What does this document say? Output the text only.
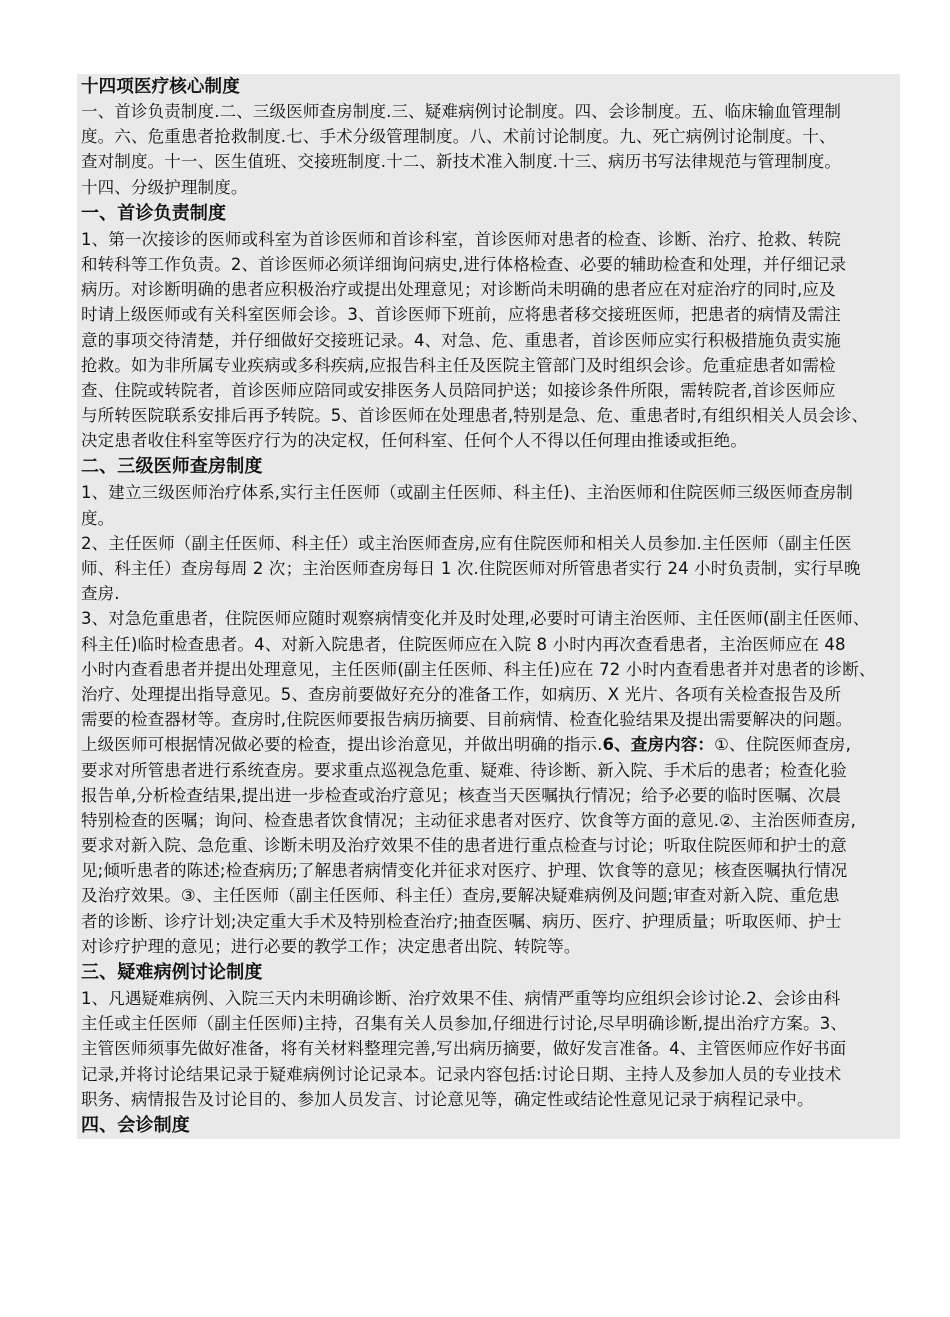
十四项医疗核心制度
一、首诊负责制度.二、三级医师查房制度.三、疑难病例讨论制度。四、会诊制度。五、临床输血管理制
度。六、危重患者抢救制度.七、手术分级管理制度。八、术前讨论制度。九、死亡病例讨论制度。十、
查对制度。十一、医生值班、交接班制度.十二、新技术准入制度.十三、病历书写法律规范与管理制度。
十四、分级护理制度。
一、首诊负责制度
1、第一次接诊的医师或科室为首诊医师和首诊科室，首诊医师对患者的检查、诊断、治疗、抢救、转院
和转科等工作负责。2、首诊医师必须详细询问病史,进行体格检查、必要的辅助检查和处理，并仔细记录
病历。对诊断明确的患者应积极治疗或提出处理意见；对诊断尚未明确的患者应在对症治疗的同时,应及
时请上级医师或有关科室医师会诊。3、首诊医师下班前，应将患者移交接班医师，把患者的病情及需注
意的事项交待清楚，并仔细做好交接班记录。4、对急、危、重患者，首诊医师应实行积极措施负责实施
抢救。如为非所属专业疾病或多科疾病,应报告科主任及医院主管部门及时组织会诊。危重症患者如需检
查、住院或转院者，首诊医师应陪同或安排医务人员陪同护送；如接诊条件所限，需转院者,首诊医师应
与所转医院联系安排后再予转院。5、首诊医师在处理患者,特别是急、危、重患者时,有组织相关人员会诊、
决定患者收住科室等医疗行为的决定权，任何科室、任何个人不得以任何理由推诿或拒绝。
二、三级医师查房制度
1、建立三级医师治疗体系,实行主任医师（或副主任医师、科主任)、主治医师和住院医师三级医师查房制
度。
2、主任医师（副主任医师、科主任）或主治医师查房,应有住院医师和相关人员参加.主任医师（副主任医
师、科主任）查房每周 2 次；主治医师查房每日 1 次.住院医师对所管患者实行 24 小时负责制，实行早晚
查房.
3、对急危重患者，住院医师应随时观察病情变化并及时处理,必要时可请主治医师、主任医师(副主任医师、
科主任)临时检查患者。4、对新入院患者，住院医师应在入院 8 小时内再次查看患者，主治医师应在 48
小时内查看患者并提出处理意见，主任医师(副主任医师、科主任)应在 72 小时内查看患者并对患者的诊断、
治疗、处理提出指导意见。5、查房前要做好充分的准备工作，如病历、X 光片、各项有关检查报告及所
需要的检查器材等。查房时,住院医师要报告病历摘要、目前病情、检查化验结果及提出需要解决的问题。
上级医师可根据情况做必要的检查，提出诊治意见，并做出明确的指示.6、查房内容：①、住院医师查房,
要求对所管患者进行系统查房。要求重点巡视急危重、疑难、待诊断、新入院、手术后的患者；检查化验
报告单,分析检查结果,提出进一步检查或治疗意见；核查当天医嘱执行情况；给予必要的临时医嘱、次晨
特别检查的医嘱；询问、检查患者饮食情况；主动征求患者对医疗、饮食等方面的意见.②、主治医师查房,
要求对新入院、急危重、诊断未明及治疗效果不佳的患者进行重点检查与讨论；听取住院医师和护士的意
见;倾听患者的陈述;检查病历;了解患者病情变化并征求对医疗、护理、饮食等的意见；核查医嘱执行情况
及治疗效果。③、主任医师（副主任医师、科主任）查房,要解决疑难病例及问题;审查对新入院、重危患
者的诊断、诊疗计划;决定重大手术及特别检查治疗;抽查医嘱、病历、医疗、护理质量；听取医师、护士
对诊疗护理的意见；进行必要的教学工作；决定患者出院、转院等。
三、疑难病例讨论制度
1、凡遇疑难病例、入院三天内未明确诊断、治疗效果不佳、病情严重等均应组织会诊讨论.2、会诊由科
主任或主任医师（副主任医师)主持，召集有关人员参加,仔细进行讨论,尽早明确诊断,提出治疗方案。3、
主管医师须事先做好准备，将有关材料整理完善,写出病历摘要，做好发言准备。4、主管医师应作好书面
记录,并将讨论结果记录于疑难病例讨论记录本。记录内容包括:讨论日期、主持人及参加人员的专业技术
职务、病情报告及讨论目的、参加人员发言、讨论意见等，确定性或结论性意见记录于病程记录中。
四、会诊制度
